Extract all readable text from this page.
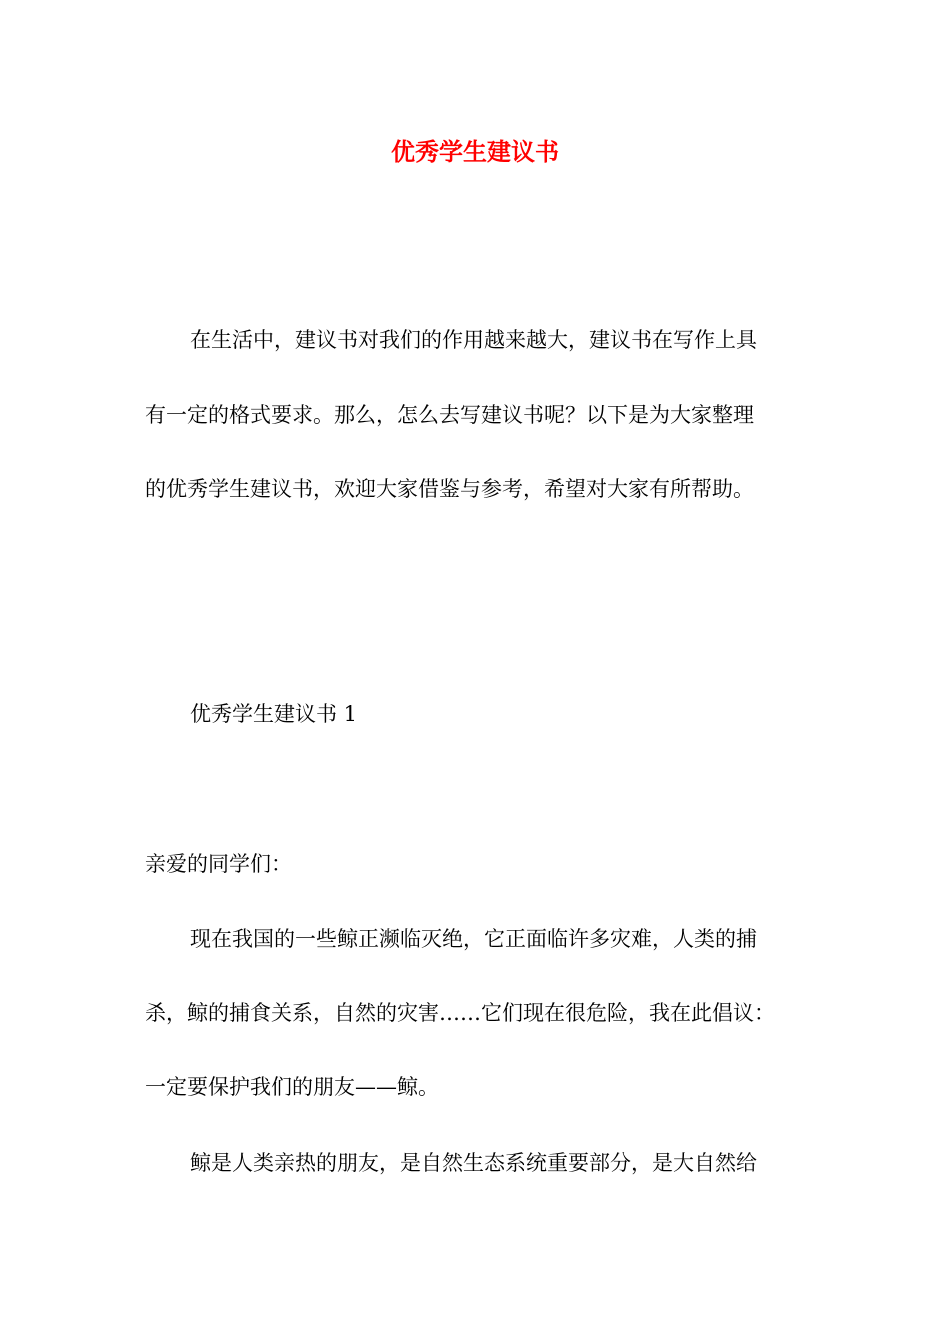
优秀学生建议书

在生活中，建议书对我们的作用越来越大，建议书在写作上具

有一定的格式要求。那么，怎么去写建议书呢？以下是为大家整理

的优秀学生建议书，欢迎大家借鉴与参考，希望对大家有所帮助。

优秀学生建议书 1

亲爱的同学们：

现在我国的一些鲸正濒临灭绝，它正面临许多灾难，人类的捕

杀，鲸的捕食关系，自然的灾害……它们现在很危险，我在此倡议：

一定要保护我们的朋友——鲸。

鲸是人类亲热的朋友，是自然生态系统重要部分，是大自然给
